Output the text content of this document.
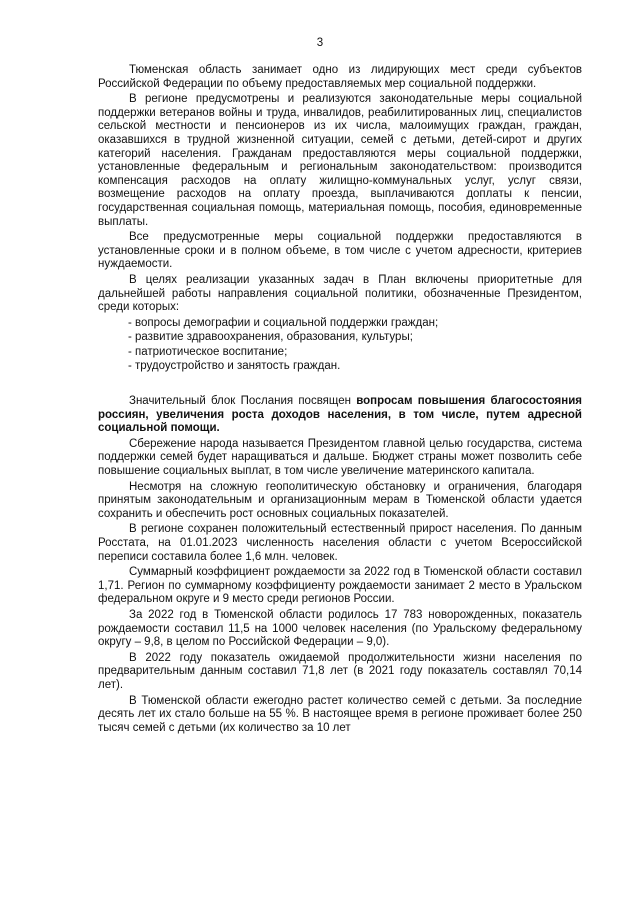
3

Тюменская область занимает одно из лидирующих мест среди субъектов Российской Федерации по объему предоставляемых мер социальной поддержки.

В регионе предусмотрены и реализуются законодательные меры социальной поддержки ветеранов войны и труда, инвалидов, реабилитированных лиц, специалистов сельской местности и пенсионеров из их числа, малоимущих граждан, граждан, оказавшихся в трудной жизненной ситуации, семей с детьми, детей-сирот и других категорий населения. Гражданам предоставляются меры социальной поддержки, установленные федеральным и региональным законодательством: производится компенсация расходов на оплату жилищно-коммунальных услуг, услуг связи, возмещение расходов на оплату проезда, выплачиваются доплаты к пенсии, государственная социальная помощь, материальная помощь, пособия, единовременные выплаты.

Все предусмотренные меры социальной поддержки предоставляются в установленные сроки и в полном объеме, в том числе с учетом адресности, критериев нуждаемости.

В целях реализации указанных задач в План включены приоритетные для дальнейшей работы направления социальной политики, обозначенные Президентом, среди которых:

- вопросы демографии и социальной поддержки граждан;

- развитие здравоохранения, образования, культуры;

- патриотическое воспитание;

- трудоустройство и занятость граждан.

Значительный блок Послания посвящен вопросам повышения благосостояния россиян, увеличения роста доходов населения, в том числе, путем адресной социальной помощи.

Сбережение народа называется Президентом главной целью государства, система поддержки семей будет наращиваться и дальше. Бюджет страны может позволить себе повышение социальных выплат, в том числе увеличение материнского капитала.

Несмотря на сложную геополитическую обстановку и ограничения, благодаря принятым законодательным и организационным мерам в Тюменской области удается сохранить и обеспечить рост основных социальных показателей.

В регионе сохранен положительный естественный прирост населения. По данным Росстата, на 01.01.2023 численность населения области с учетом Всероссийской переписи составила более 1,6 млн. человек.

Суммарный коэффициент рождаемости за 2022 год в Тюменской области составил 1,71. Регион по суммарному коэффициенту рождаемости занимает 2 место в Уральском федеральном округе и 9 место среди регионов России.

За 2022 год в Тюменской области родилось 17 783 новорожденных, показатель рождаемости составил 11,5 на 1000 человек населения (по Уральскому федеральному округу – 9,8, в целом по Российской Федерации – 9,0).

В 2022 году показатель ожидаемой продолжительности жизни населения по предварительным данным составил 71,8 лет (в 2021 году показатель составлял 70,14 лет).

В Тюменской области ежегодно растет количество семей с детьми. За последние десять лет их стало больше на 55 %. В настоящее время в регионе проживает более 250 тысяч семей с детьми (их количество за 10 лет
